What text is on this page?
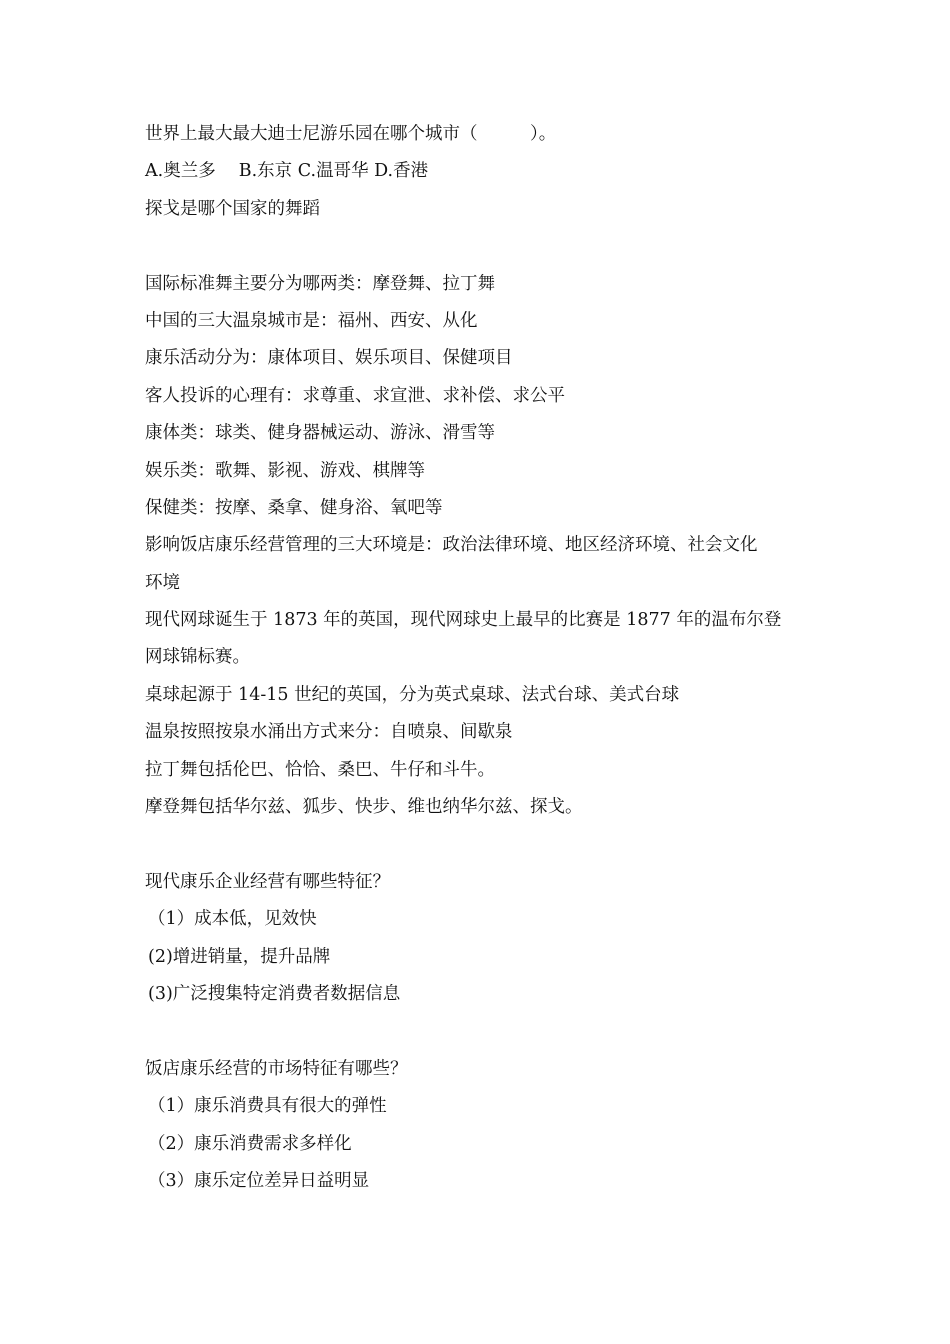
世界上最大最大迪士尼游乐园在哪个城市（　　　）。
A.奥兰多　 B.东京 C.温哥华 D.香港
探戈是哪个国家的舞蹈
国际标准舞主要分为哪两类：摩登舞、拉丁舞
中国的三大温泉城市是：福州、西安、从化
康乐活动分为：康体项目、娱乐项目、保健项目
客人投诉的心理有：求尊重、求宣泄、求补偿、求公平
康体类：球类、健身器械运动、游泳、滑雪等
娱乐类：歌舞、影视、游戏、棋牌等
保健类：按摩、桑拿、健身浴、氧吧等
影响饭店康乐经营管理的三大环境是：政治法律环境、地区经济环境、社会文化
环境
现代网球诞生于 1873 年的英国，现代网球史上最早的比赛是 1877 年的温布尔登
网球锦标赛。
桌球起源于 14-15 世纪的英国，分为英式桌球、法式台球、美式台球
温泉按照按泉水涌出方式来分：自喷泉、间歇泉
拉丁舞包括伦巴、恰恰、桑巴、牛仔和斗牛。
摩登舞包括华尔兹、狐步、快步、维也纳华尔兹、探戈。
现代康乐企业经营有哪些特征？
（1）成本低，见效快
(2)增进销量，提升品牌
(3)广泛搜集特定消费者数据信息
饭店康乐经营的市场特征有哪些？
（1）康乐消费具有很大的弹性
（2）康乐消费需求多样化
（3）康乐定位差异日益明显
